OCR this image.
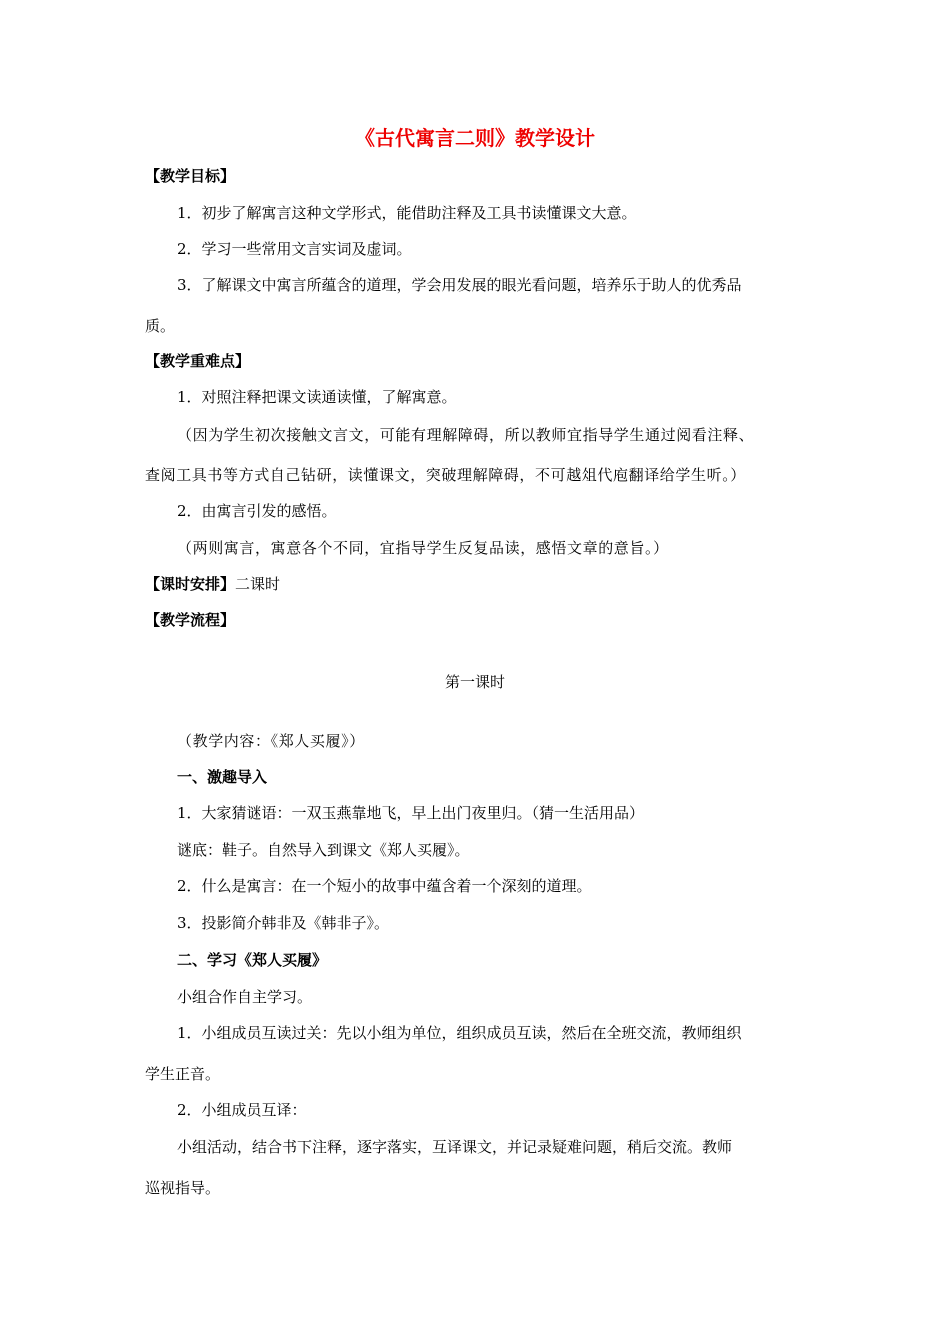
《古代寓言二则》教学设计
【教学目标】
1．初步了解寓言这种文学形式，能借助注释及工具书读懂课文大意。
2．学习一些常用文言实词及虚词。
3．了解课文中寓言所蕴含的道理，学会用发展的眼光看问题，培养乐于助人的优秀品
质。
【教学重难点】
1．对照注释把课文读通读懂，了解寓意。
（因为学生初次接触文言文，可能有理解障碍，所以教师宜指导学生通过阅看注释、
查阅工具书等方式自己钻研，读懂课文，突破理解障碍，不可越俎代庖翻译给学生听。）
2．由寓言引发的感悟。
（两则寓言，寓意各个不同，宜指导学生反复品读，感悟文章的意旨。）
【课时安排】二课时
【教学流程】
第一课时
（教学内容：《郑人买履》）
一、激趣导入
1．大家猜谜语：一双玉燕靠地飞，早上出门夜里归。（猜一生活用品）
谜底：鞋子。自然导入到课文《郑人买履》。
2．什么是寓言：在一个短小的故事中蕴含着一个深刻的道理。
3．投影简介韩非及《韩非子》。
二、学习《郑人买履》
小组合作自主学习。
1．小组成员互读过关：先以小组为单位，组织成员互读，然后在全班交流，教师组织
学生正音。
2．小组成员互译：
小组活动，结合书下注释，逐字落实，互译课文，并记录疑难问题，稍后交流。教师
巡视指导。
